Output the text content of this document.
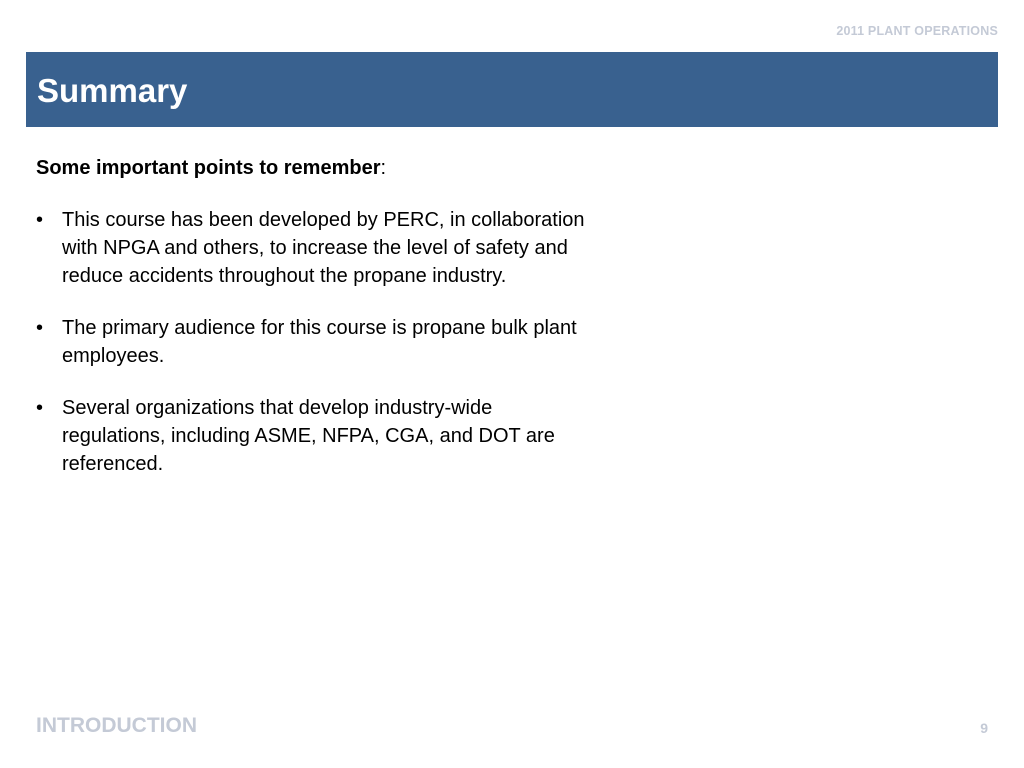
2011 PLANT OPERATIONS
Summary

Some important points to remember:

• This course has been developed by PERC, in collaboration with NPGA and others, to increase the level of safety and reduce accidents throughout the propane industry.
• The primary audience for this course is propane bulk plant employees.
• Several organizations that develop industry-wide regulations, including ASME, NFPA, CGA, and DOT are referenced.
INTRODUCTION	9
